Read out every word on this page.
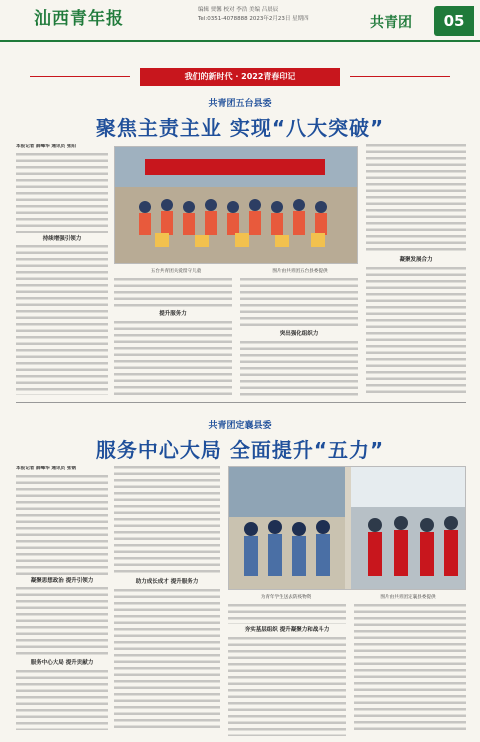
汕西青年报	编辑 贾馨 校对 李浩 美编 吕晨辰
Tel:0351-4078888 2023年2月23日 星期四	共青团	05
我们的新时代 · 2022青春印记
共青团五台县委
聚焦主责主业 实现“八大突破”
本报记者 薛峰华 通讯员 张阳
持续增强引领力
五台共青团关爱留守儿童	图片由共青团五台县委提供
提升服务力
突出强化组织力
凝聚发展合力
共青团定襄县委
服务中心大局 全面提升“五力”
本报记者 薛峰华 通讯员 张钢
凝聚思想政治 提升引领力
服务中心大局 提升贡献力
助力成长成才 提升服务力
为青年学生送去防疫物资	图片由共青团定襄县委提供
夯实基层组织 提升凝聚力和战斗力
